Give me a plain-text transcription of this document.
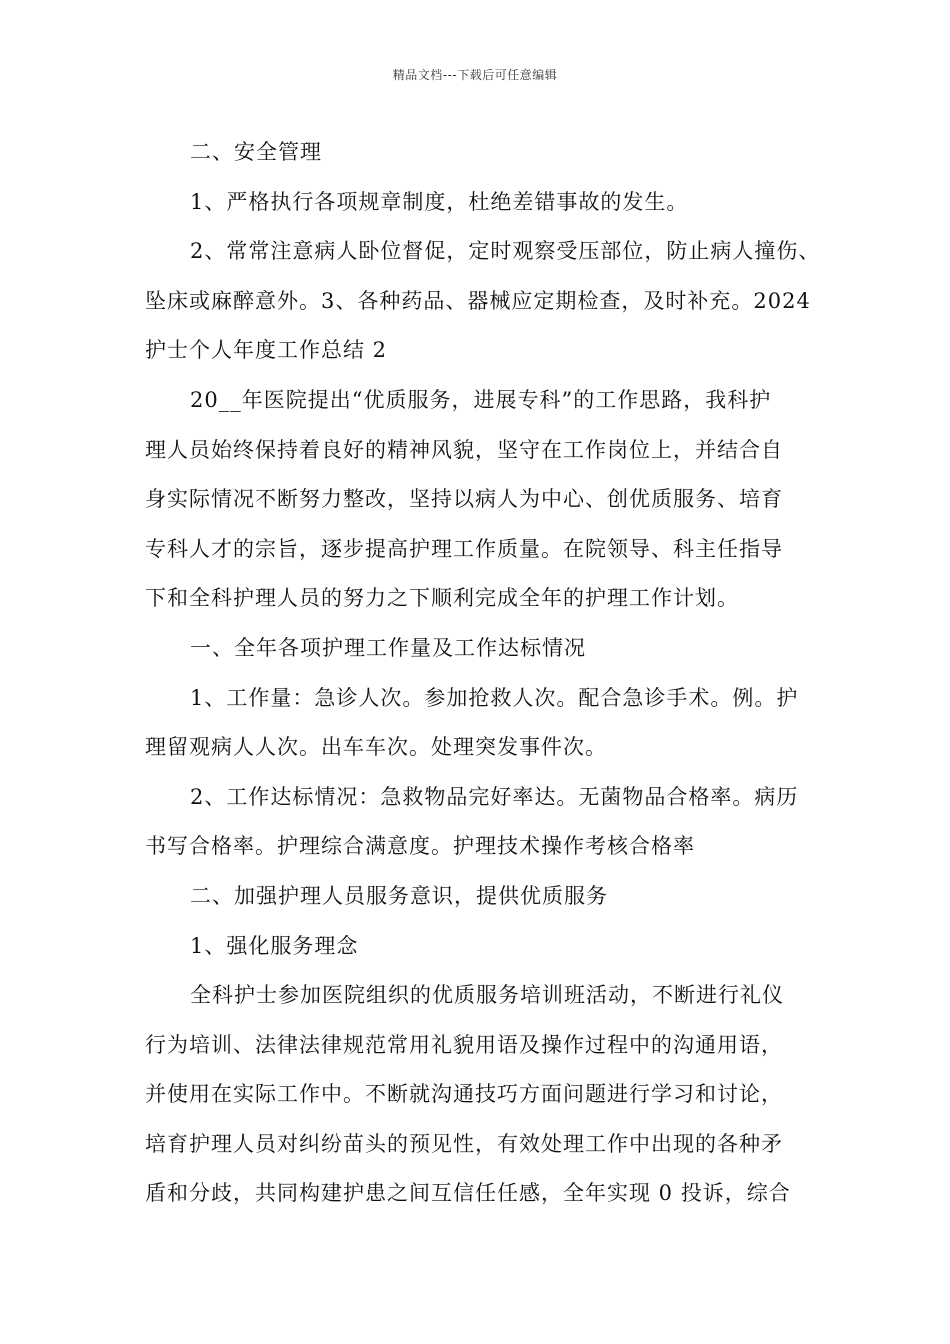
精品文档---下载后可任意编辑
二、安全管理
1、严格执行各项规章制度，杜绝差错事故的发生。
2、常常注意病人卧位督促，定时观察受压部位，防止病人撞伤、
坠床或麻醉意外。3、各种药品、器械应定期检查，及时补充。2024
护士个人年度工作总结 2
20__年医院提出“优质服务，进展专科”的工作思路，我科护
理人员始终保持着良好的精神风貌，坚守在工作岗位上，并结合自
身实际情况不断努力整改，坚持以病人为中心、创优质服务、培育
专科人才的宗旨，逐步提高护理工作质量。在院领导、科主任指导
下和全科护理人员的努力之下顺利完成全年的护理工作计划。
一、全年各项护理工作量及工作达标情况
1、工作量：急诊人次。参加抢救人次。配合急诊手术。例。护
理留观病人人次。出车车次。处理突发事件次。
2、工作达标情况：急救物品完好率达。无菌物品合格率。病历
书写合格率。护理综合满意度。护理技术操作考核合格率
二、加强护理人员服务意识，提供优质服务
1、强化服务理念
全科护士参加医院组织的优质服务培训班活动，不断进行礼仪
行为培训、法律法律规范常用礼貌用语及操作过程中的沟通用语，
并使用在实际工作中。不断就沟通技巧方面问题进行学习和讨论，
培育护理人员对纠纷苗头的预见性，有效处理工作中出现的各种矛
盾和分歧，共同构建护患之间互信任任感，全年实现 0 投诉，综合
